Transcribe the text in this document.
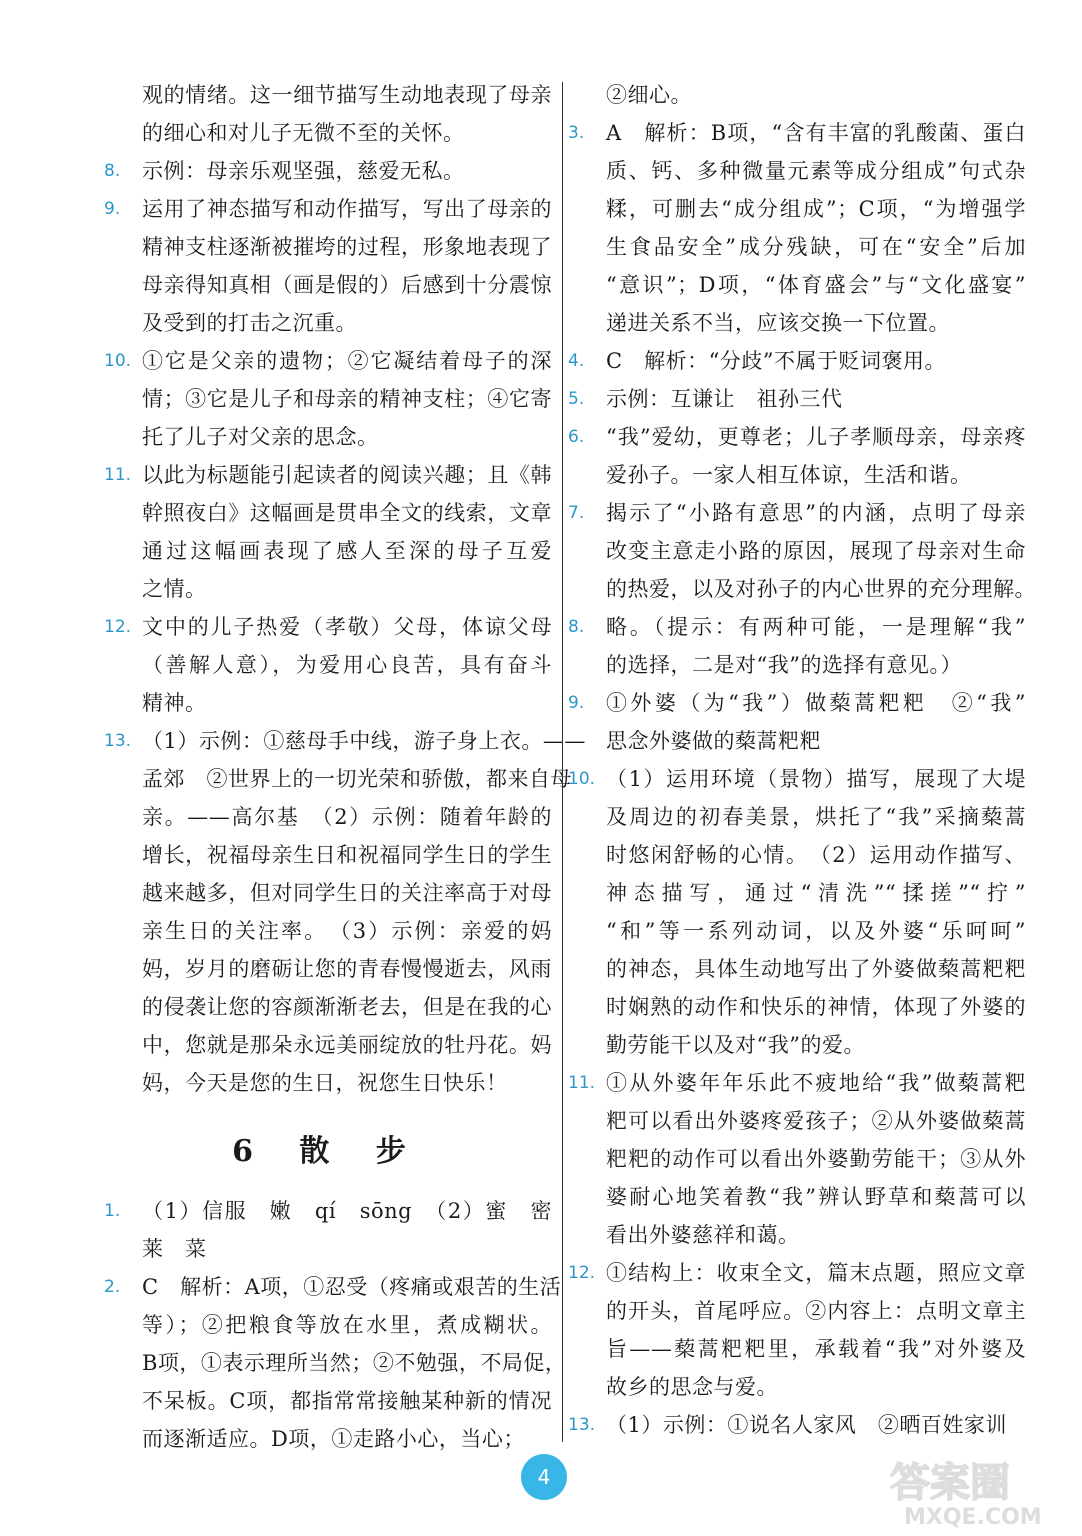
观的情绪。这一细节描写生动地表现了母亲
的细心和对儿子无微不至的关怀。
8. 示例：母亲乐观坚强，慈爱无私。
9. 运用了神态描写和动作描写，写出了母亲的
精神支柱逐渐被摧垮的过程，形象地表现了
母亲得知真相（画是假的）后感到十分震惊
及受到的打击之沉重。
10. ①它是父亲的遗物；②它凝结着母子的深
情；③它是儿子和母亲的精神支柱；④它寄
托了儿子对父亲的思念。
11. 以此为标题能引起读者的阅读兴趣；且《韩
幹照夜白》这幅画是贯串全文的线索，文章
通过这幅画表现了感人至深的母子互爱
之情。
12. 文中的儿子热爱（孝敬）父母，体谅父母
（善解人意），为爱用心良苦，具有奋斗
精神。
13. （1）示例：①慈母手中线，游子身上衣。——
孟郊　②世界上的一切光荣和骄傲，都来自母
亲。——高尔基　（2）示例：随着年龄的
增长，祝福母亲生日和祝福同学生日的学生
越来越多，但对同学生日的关注率高于对母
亲生日的关注率。　（3）示例：亲爱的妈
妈，岁月的磨砺让您的青春慢慢逝去，风雨
的侵袭让您的容颜渐渐老去，但是在我的心
中，您就是那朵永远美丽绽放的牡丹花。妈
妈，今天是您的生日，祝您生日快乐！
6 散 步
1. （1）信服　嫩　qí　sōng　（2）蜜　密
莱　菜
2. C　解析：A项，①忍受（疼痛或艰苦的生活
等）；②把粮食等放在水里，煮成糊状。
B项，①表示理所当然；②不勉强，不局促，
不呆板。C项，都指常常接触某种新的情况
而逐渐适应。D项，①走路小心，当心；
②细心。
3. A　解析：B项，“含有丰富的乳酸菌、蛋白
质、钙、多种微量元素等成分组成”句式杂
糅，可删去“成分组成”；C项，“为增强学
生食品安全”成分残缺，可在“安全”后加
“意识”；D项，“体育盛会”与“文化盛宴”
递进关系不当，应该交换一下位置。
4. C　解析：“分歧”不属于贬词褒用。
5. 示例：互谦让　祖孙三代
6. “我”爱幼，更尊老；儿子孝顺母亲，母亲疼
爱孙子。一家人相互体谅，生活和谐。
7. 揭示了“小路有意思”的内涵，点明了母亲
改变主意走小路的原因，展现了母亲对生命
的热爱，以及对孙子的内心世界的充分理解。
8. 略。（提示：有两种可能，一是理解“我”
的选择，二是对“我”的选择有意见。）
9. ①外婆（为“我”）做蔾蒿粑粑　②“我”
思念外婆做的蔾蒿粑粑
10. （1）运用环境（景物）描写，展现了大堤
及周边的初春美景，烘托了“我”采摘蔾蒿
时悠闲舒畅的心情。　（2）运用动作描写、
神态描写，通过“清洗”“揉搓”“拧”
“和”等一系列动词，以及外婆“乐呵呵”
的神态，具体生动地写出了外婆做蔾蒿粑粑
时娴熟的动作和快乐的神情，体现了外婆的
勤劳能干以及对“我”的爱。
11. ①从外婆年年乐此不疲地给“我”做蔾蒿粑
粑可以看出外婆疼爱孩子；②从外婆做蔾蒿
粑粑的动作可以看出外婆勤劳能干；③从外
婆耐心地笑着教“我”辨认野草和蔾蒿可以
看出外婆慈祥和蔼。
12. ①结构上：收束全文，篇末点题，照应文章
的开头，首尾呼应。②内容上：点明文章主
旨——蔾蒿粑粑里，承载着“我”对外婆及
故乡的思念与爱。
13. （1）示例：①说名人家风　②晒百姓家训
4	答案圈
MXQE.COM
